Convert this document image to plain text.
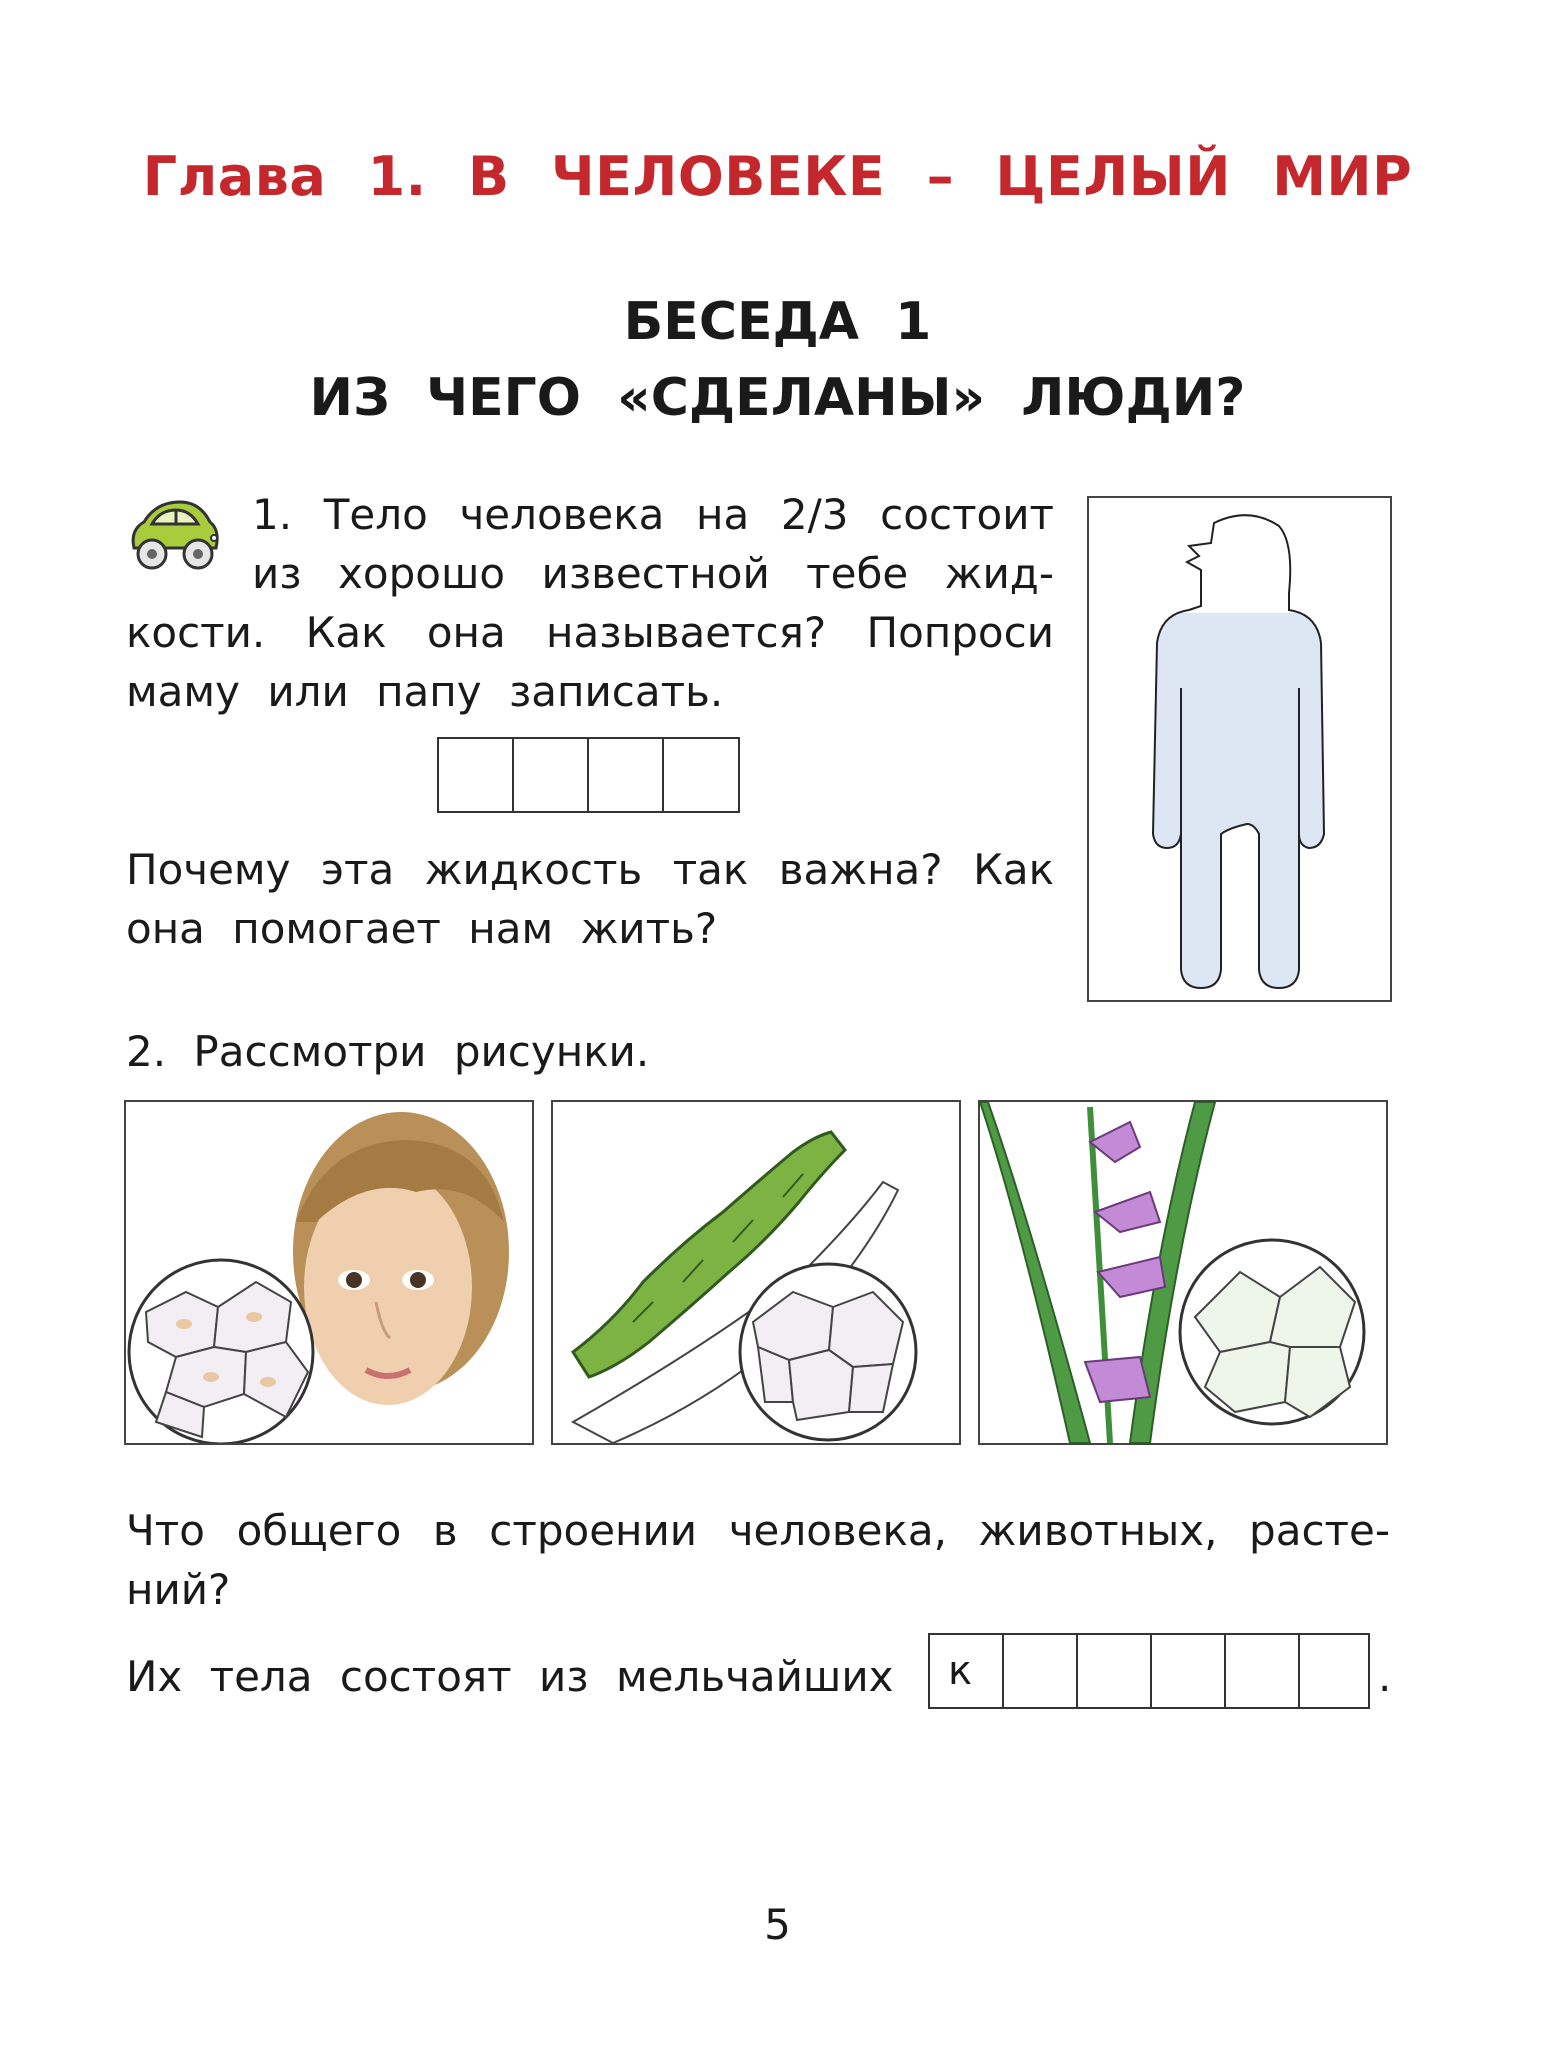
Глава 1. В ЧЕЛОВЕКЕ – ЦЕЛЫЙ МИР
БЕСЕДА 1
ИЗ ЧЕГО «СДЕЛАНЫ» ЛЮДИ?
1. Тело человека на 2/3 состоит
из хорошо известной тебе жид-
кости. Как она называется? Попроси
маму или папу записать.
Почему эта жидкость так важна? Как
она помогает нам жить?
2. Рассмотри рисунки.
Что общего в строении человека, животных, расте-
ний?
Их тела состоят из мельчайших	к	.
5
